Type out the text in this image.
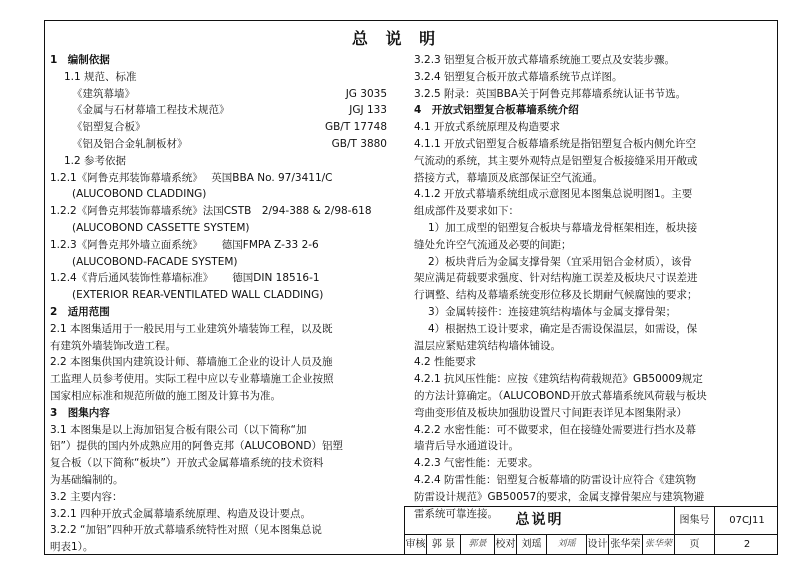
总 说 明
1　编制依据
1.1 规范、标准
《建筑幕墙》	JG 3035
《金属与石材幕墙工程技术规范》	JGJ 133
《铝塑复合板》	GB/T 17748
《铝及铝合金轧制板材》	GB/T 3880
1.2 参考依据
1.2.1《阿鲁克邦装饰幕墙系统》　 英国BBA No. 97/3411/C
(ALUCOBOND CLADDING)
1.2.2《阿鲁克邦装饰幕墙系统》法国CSTB　2/94-388 & 2/98-618
(ALUCOBOND CASSETTE SYSTEM)
1.2.3《阿鲁克邦外墙立面系统》　　 德国FMPA Z-33 2-6
(ALUCOBOND-FACADE SYSTEM)
1.2.4《背后通风装饰性幕墙标准》　　 德国DIN 18516-1
(EXTERIOR REAR-VENTILATED WALL CLADDING)
2　适用范围
2.1 本图集适用于一般民用与工业建筑外墙装饰工程，以及既
有建筑外墙装饰改造工程。
2.2 本图集供国内建筑设计师、幕墙施工企业的设计人员及施
工监理人员参考使用。实际工程中应以专业幕墙施工企业按照
国家相应标准和规范所做的施工图及计算书为准。
3　图集内容
3.1 本图集是以上海加铝复合板有限公司（以下简称“加
铝”）提供的国内外成熟应用的阿鲁克邦（ALUCOBOND）铝塑
复合板（以下简称“板块”）开放式金属幕墙系统的技术资料
为基础编制的。
3.2 主要内容：
3.2.1 四种开放式金属幕墙系统原理、构造及设计要点。
3.2.2 “加铝”四种开放式幕墙系统特性对照（见本图集总说
明表1）。
3.2.3 铝塑复合板开放式幕墙系统施工要点及安装步骤。
3.2.4 铝塑复合板开放式幕墙系统节点详图。
3.2.5 附录：英国BBA关于阿鲁克邦幕墙系统认证书节选。
4　开放式铝塑复合板幕墙系统介绍
4.1 开放式系统原理及构造要求
4.1.1 开放式铝塑复合板幕墙系统是指铝塑复合板内侧允许空
气流动的系统，其主要外观特点是铝塑复合板接缝采用开敞或
搭接方式，幕墙顶及底部保证空气流通。
4.1.2 开放式幕墙系统组成示意图见本图集总说明图1。主要
组成部件及要求如下：
1）加工成型的铝塑复合板块与幕墙龙骨框架相连，板块接
缝处允许空气流通及必要的间距；
2）板块背后为金属支撑骨架（宜采用铝合金材质），该骨
架应满足荷载要求强度、针对结构施工误差及板块尺寸误差进
行调整、结构及幕墙系统变形位移及长期耐气候腐蚀的要求；
3）金属转接件：连接建筑结构墙体与金属支撑骨架；
4）根据热工设计要求，确定是否需设保温层，如需设，保
温层应紧贴建筑结构墙体铺设。
4.2 性能要求
4.2.1 抗风压性能：应按《建筑结构荷载规范》GB50009规定
的方法计算确定。（ALUCOBOND开放式幕墙系统风荷载与板块
弯曲变形值及板块加强肋设置尺寸间距表详见本图集附录）
4.2.2 水密性能：可不做要求，但在接缝处需要进行挡水及幕
墙背后导水通道设计。
4.2.3 气密性能：无要求。
4.2.4 防雷性能：铝塑复合板幕墙的防雷设计应符合《建筑物
防雷设计规范》GB50057的要求，金属支撑骨架应与建筑物避
雷系统可靠连接。	总说明	图集号	07CJ11
审核 郭 景	郭景 校对 刘瑶	刘瑶	设计 张华荣 张华荣	页	2
